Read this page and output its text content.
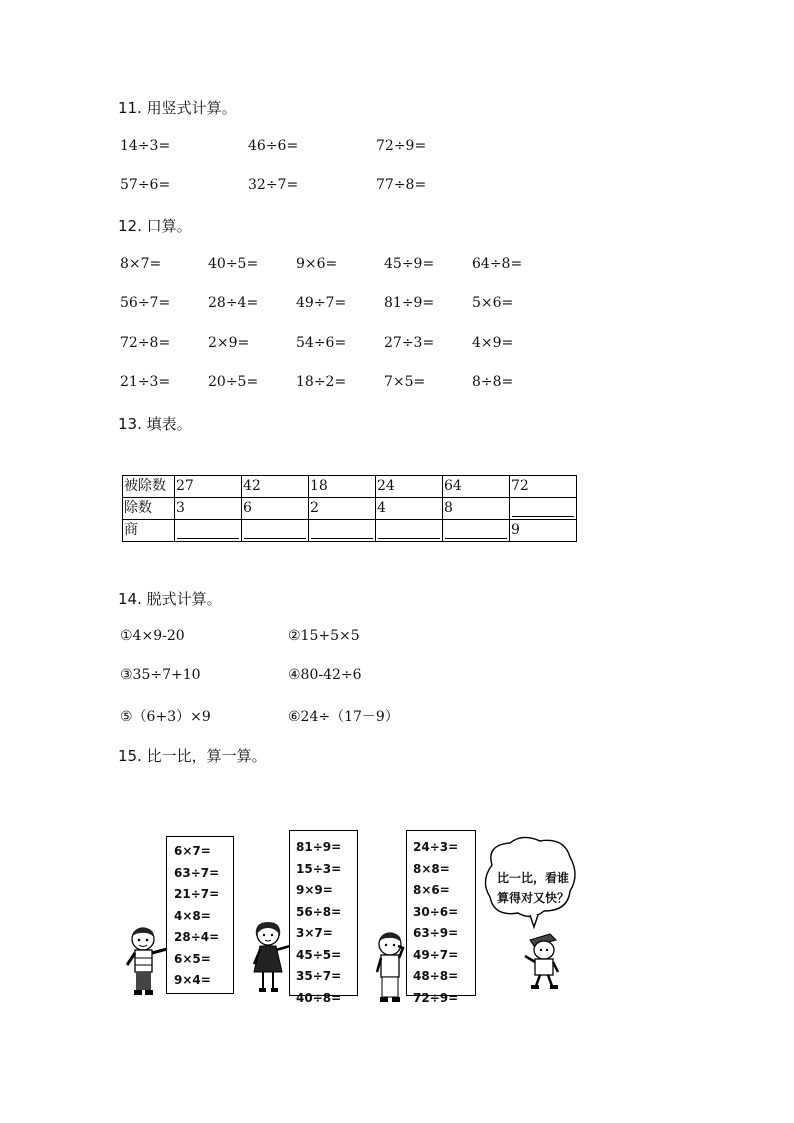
11. 用竖式计算。
14÷3=	46÷6=	72÷9=
57÷6=	32÷7=	77÷8=
12. 口算。
8×7=	40÷5=	9×6=	45÷9=	64÷8=
56÷7=	28÷4=	49÷7=	81÷9=	5×6=
72÷8=	2×9=	54÷6=	27÷3=	4×9=
21÷3=	20÷5=	18÷2=	7×5=	8÷8=
13. 填表。
被除数	27	42	18	24	64	72
除数	3	6	2	4	8	
商						9
14. 脱式计算。
①4×9-20	②15+5×5
③35÷7+10	④80-42÷6
⑤（6+3）×9	⑥24÷（17－9）
15. 比一比，算一算。
6×7=
63÷7=
21÷7=
4×8=
28÷4=
6×5=
9×4=
81÷9=
15÷3=
9×9=
56÷8=
3×7=
45÷5=
35÷7=
40÷8=
24÷3=
8×8=
8×6=
30÷6=
63÷9=
49÷7=
48÷8=
72÷9=
比一比，看谁
算得对又快？
